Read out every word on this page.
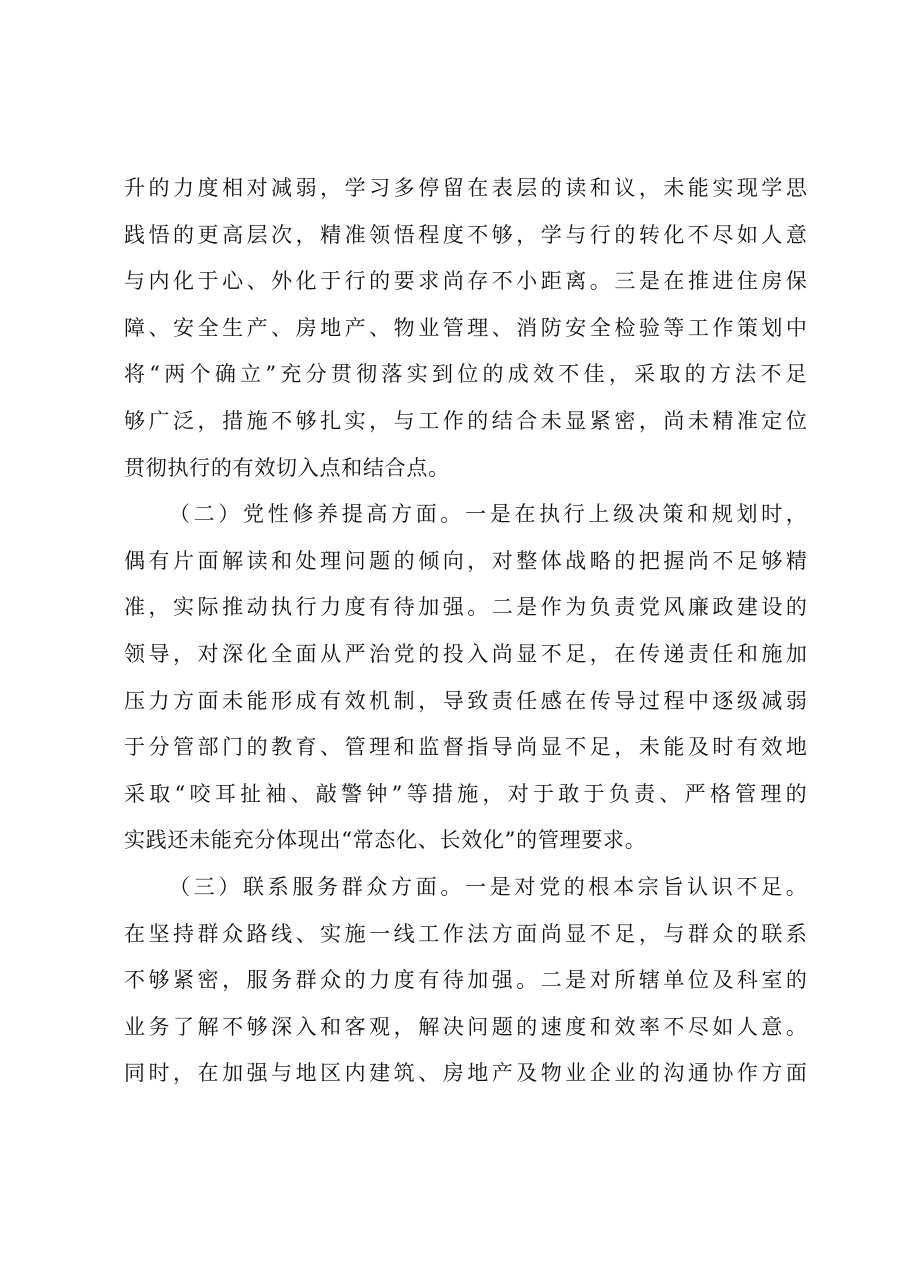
升 的 力 度 相 对 减 弱 ， 学 习 多 停 留 在 表 层 的 读 和 议 ， 未 能 实 现 学 思
践 悟 的 更 高 层 次 ， 精 准 领 悟 程 度 不 够 ， 学 与 行 的 转 化 不 尽 如 人 意
与 内 化 于 心 、 外 化 于 行 的 要 求 尚 存 不 小 距 离 。 三 是 在 推 进 住 房 保
障 、 安 全 生 产 、 房 地 产 、 物 业 管 理 、 消 防 安 全 检 验 等 工 作 策 划 中
将 “ 两 个 确 立 ” 充 分 贯 彻 落 实 到 位 的 成 效 不 佳 ， 采 取 的 方 法 不 足
够 广 泛 ， 措 施 不 够 扎 实 ， 与 工 作 的 结 合 未 显 紧 密 ， 尚 未 精 准 定 位
贯 彻 执 行 的 有 效 切 入 点 和 结 合 点 。
（ 二 ） 党 性 修 养 提 高 方 面 。 一 是 在 执 行 上 级 决 策 和 规 划 时 ，
偶 有 片 面 解 读 和 处 理 问 题 的 倾 向 ， 对 整 体 战 略 的 把 握 尚 不 足 够 精
准 ， 实 际 推 动 执 行 力 度 有 待 加 强 。 二 是 作 为 负 责 党 风 廉 政 建 设 的
领 导 ， 对 深 化 全 面 从 严 治 党 的 投 入 尚 显 不 足 ， 在 传 递 责 任 和 施 加
压 力 方 面 未 能 形 成 有 效 机 制 ， 导 致 责 任 感 在 传 导 过 程 中 逐 级 减 弱
于 分 管 部 门 的 教 育 、 管 理 和 监 督 指 导 尚 显 不 足 ， 未 能 及 时 有 效 地
采 取 “ 咬 耳 扯 袖 、 敲 警 钟 ” 等 措 施 ， 对 于 敢 于 负 责 、 严 格 管 理 的
实 践 还 未 能 充 分 体 现 出 “ 常 态 化 、 长 效 化 ” 的 管 理 要 求 。
（ 三 ） 联 系 服 务 群 众 方 面 。 一 是 对 党 的 根 本 宗 旨 认 识 不 足 。
在 坚 持 群 众 路 线 、 实 施 一 线 工 作 法 方 面 尚 显 不 足 ， 与 群 众 的 联 系
不 够 紧 密 ， 服 务 群 众 的 力 度 有 待 加 强 。 二 是 对 所 辖 单 位 及 科 室 的
业 务 了 解 不 够 深 入 和 客 观 ， 解 决 问 题 的 速 度 和 效 率 不 尽 如 人 意 。
同 时 ， 在 加 强 与 地 区 内 建 筑 、 房 地 产 及 物 业 企 业 的 沟 通 协 作 方 面
